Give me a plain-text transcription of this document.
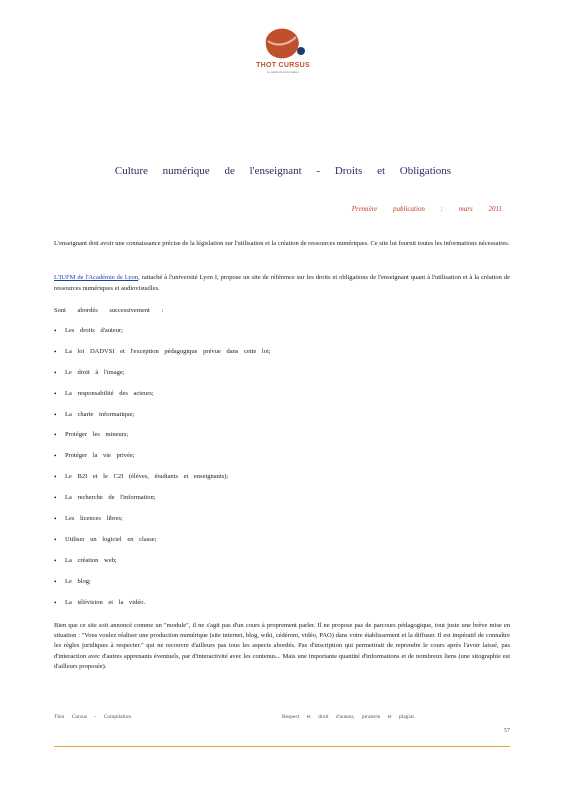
THOT CURSUS
le portail de la formation
Culture numérique de l'enseignant - Droits et Obligations
Première publication : mars 2011
L'enseignant doit avoir une connaissance précise de la législation sur l'utilisation et la création de ressources numériques. Ce site lui fournit toutes les informations nécessaires.
L'IUFM de l'Académie de Lyon, rattaché à l'université Lyon I, propose un site de référence sur les droits et obligations de l'enseignant quant à l'utilisation et à la création de ressources numériques et audiovisuelles.
Sont abordés successivement :
• Les droits d'auteur;
• La loi DADVSI et l'exception pédagogique prévue dans cette loi;
• Le droit à l'image;
• La responsabilité des acteurs;
• La charte informatique;
• Protéger les mineurs;
• Protéger la vie privée;
• Le B2I et le C2I (élèves, étudiants et enseignants);
• La recherche de l'information;
• Les licences libres;
• Utiliser un logiciel en classe;
• La création web;
• Le blog;
• La télévision et la vidéo.
Bien que ce site soit annoncé comme un "module", il ne s'agit pas d'un cours à proprement parler. Il ne propose pas de parcours pédagogique, tout juste une brève mise en situation : "Vous voulez réaliser une production numérique (site internet, blog, wiki, cédérom, vidéo, PAO) dans votre établissement et la diffuser. Il est impératif de connaître les règles juridiques à respecter." qui ne recouvre d'ailleurs pas tous les aspects abordés. Pas d'inscription qui permettrait de reprendre le cours après l'avoir laissé, pas d'interaction avec d'autres apprenants éventuels, par d'interactivité avec les contenus... Mais une importante quantité d'informations et de nombreux liens (une sitographie est d'ailleurs proposée).
Thot Cursus - Compilation	Respect et droit d'auteur, piraterie et plagiat
57
